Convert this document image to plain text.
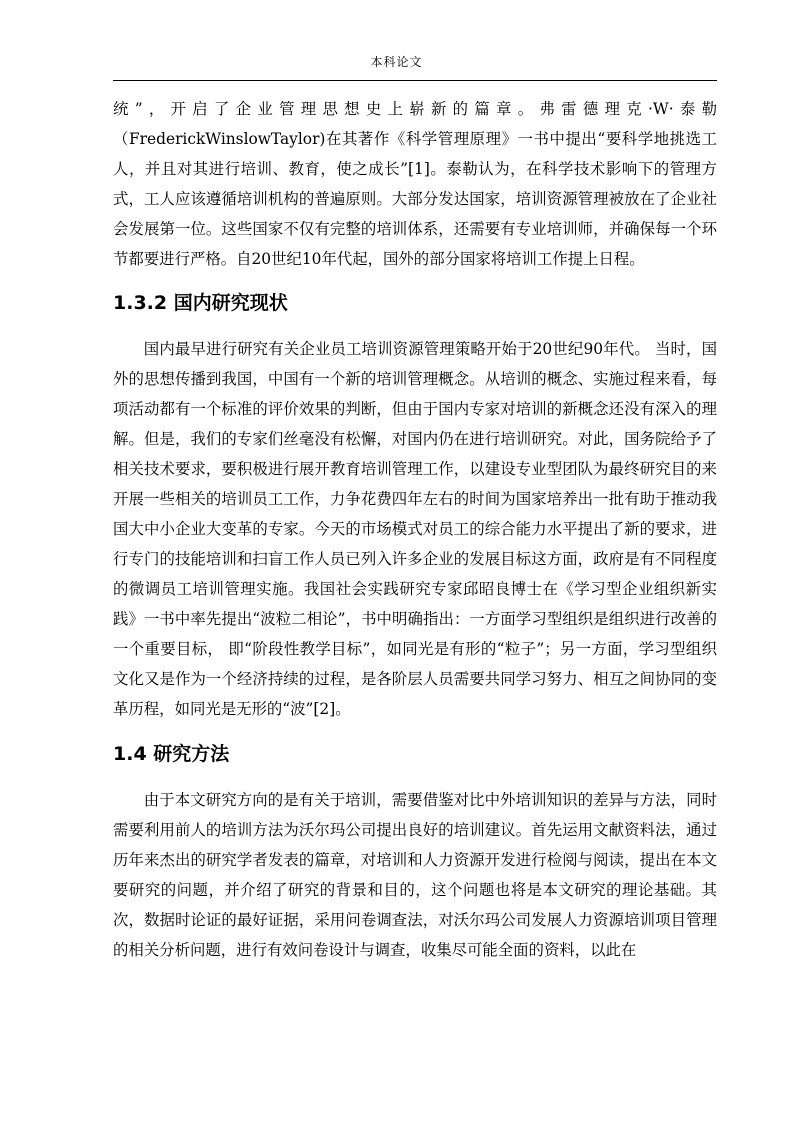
本科论文

统”，开启了企业管理思想史上崭新的篇章。弗雷德理克·W·泰勒（FrederickWinslowTaylor)在其著作《科学管理原理》一书中提出“要科学地挑选工人，并且对其进行培训、教育，使之成长”[1]。泰勒认为，在科学技术影响下的管理方式，工人应该遵循培训机构的普遍原则。大部分发达国家，培训资源管理被放在了企业社会发展第一位。这些国家不仅有完整的培训体系，还需要有专业培训师，并确保每一个环节都要进行严格。自20世纪10年代起，国外的部分国家将培训工作提上日程。

1.3.2 国内研究现状

国内最早进行研究有关企业员工培训资源管理策略开始于20世纪90年代。 当时，国外的思想传播到我国，中国有一个新的培训管理概念。从培训的概念、实施过程来看，每项活动都有一个标准的评价效果的判断，但由于国内专家对培训的新概念还没有深入的理解。但是，我们的专家们丝毫没有松懈，对国内仍在进行培训研究。对此，国务院给予了相关技术要求，要积极进行展开教育培训管理工作，以建设专业型团队为最终研究目的来开展一些相关的培训员工工作，力争花费四年左右的时间为国家培养出一批有助于推动我国大中小企业大变革的专家。今天的市场模式对员工的综合能力水平提出了新的要求，进行专门的技能培训和扫盲工作人员已列入许多企业的发展目标这方面，政府是有不同程度的微调员工培训管理实施。我国社会实践研究专家邱昭良博士在《学习型企业组织新实践》一书中率先提出“波粒二相论”，书中明确指出：一方面学习型组织是组织进行改善的一个重要目标， 即“阶段性教学目标”，如同光是有形的“粒子”；另一方面，学习型组织文化又是作为一个经济持续的过程，是各阶层人员需要共同学习努力、相互之间协同的变革历程，如同光是无形的“波”[2]。

1.4 研究方法

由于本文研究方向的是有关于培训，需要借鉴对比中外培训知识的差异与方法，同时需要利用前人的培训方法为沃尔玛公司提出良好的培训建议。首先运用文献资料法，通过历年来杰出的研究学者发表的篇章，对培训和人力资源开发进行检阅与阅读，提出在本文要研究的问题，并介绍了研究的背景和目的，这个问题也将是本文研究的理论基础。其次，数据时论证的最好证据，采用问卷调查法，对沃尔玛公司发展人力资源培训项目管理的相关分析问题，进行有效问卷设计与调查，收集尽可能全面的资料，以此在
